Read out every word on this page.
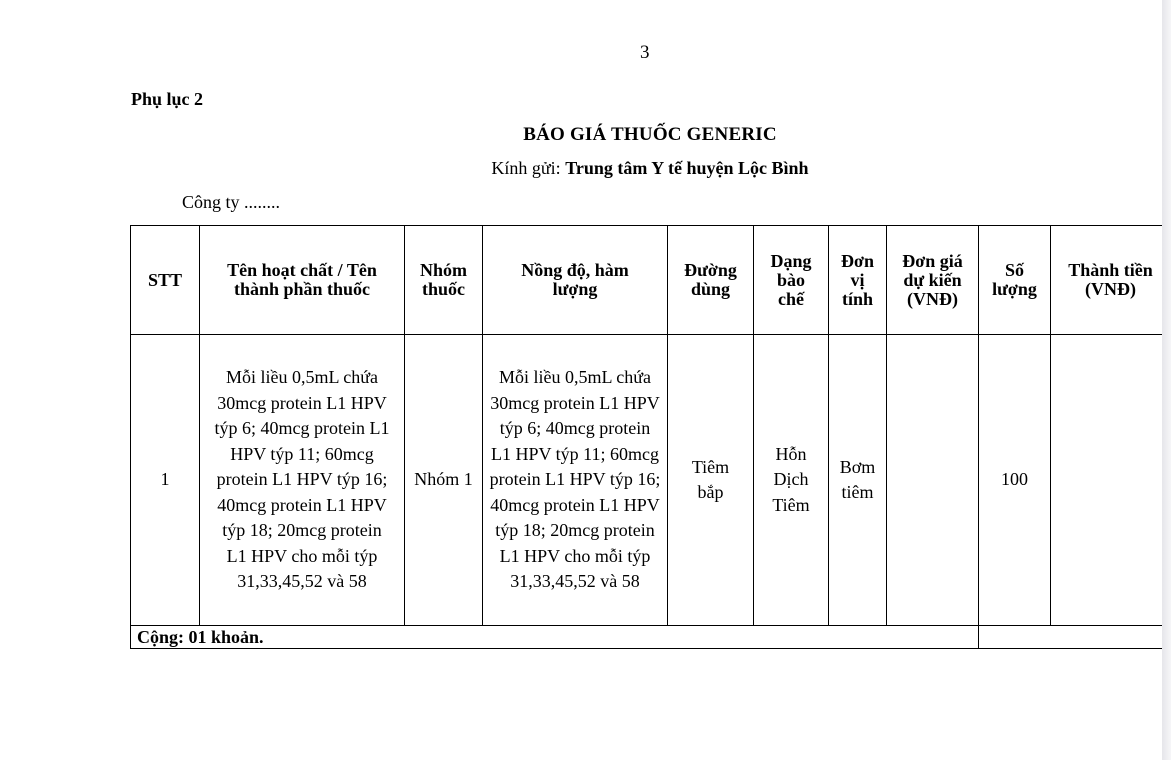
3
Phụ lục 2
BÁO GIÁ THUỐC GENERIC
Kính gửi: Trung tâm Y tế huyện Lộc Bình
Công ty ........
STT	Tên hoạt chất / Tên thành phần thuốc	Nhóm thuốc	Nồng độ, hàm lượng	Đường dùng	Dạng bào chế	Đơn vị tính	Đơn giá dự kiến (VNĐ)	Số lượng	Thành tiền (VNĐ)
1	Mỗi liều 0,5mL chứa 30mcg protein L1 HPV týp 6; 40mcg protein L1 HPV týp 11; 60mcg protein L1 HPV týp 16; 40mcg protein L1 HPV týp 18; 20mcg protein L1 HPV cho mỗi týp 31,33,45,52 và 58	Nhóm 1	Mỗi liều 0,5mL chứa 30mcg protein L1 HPV týp 6; 40mcg protein L1 HPV týp 11; 60mcg protein L1 HPV týp 16; 40mcg protein L1 HPV týp 18; 20mcg protein L1 HPV cho mỗi týp 31,33,45,52 và 58	Tiêm bắp	Hỗn Dịch Tiêm	Bơm tiêm		100	
Cộng: 01 khoản.									
